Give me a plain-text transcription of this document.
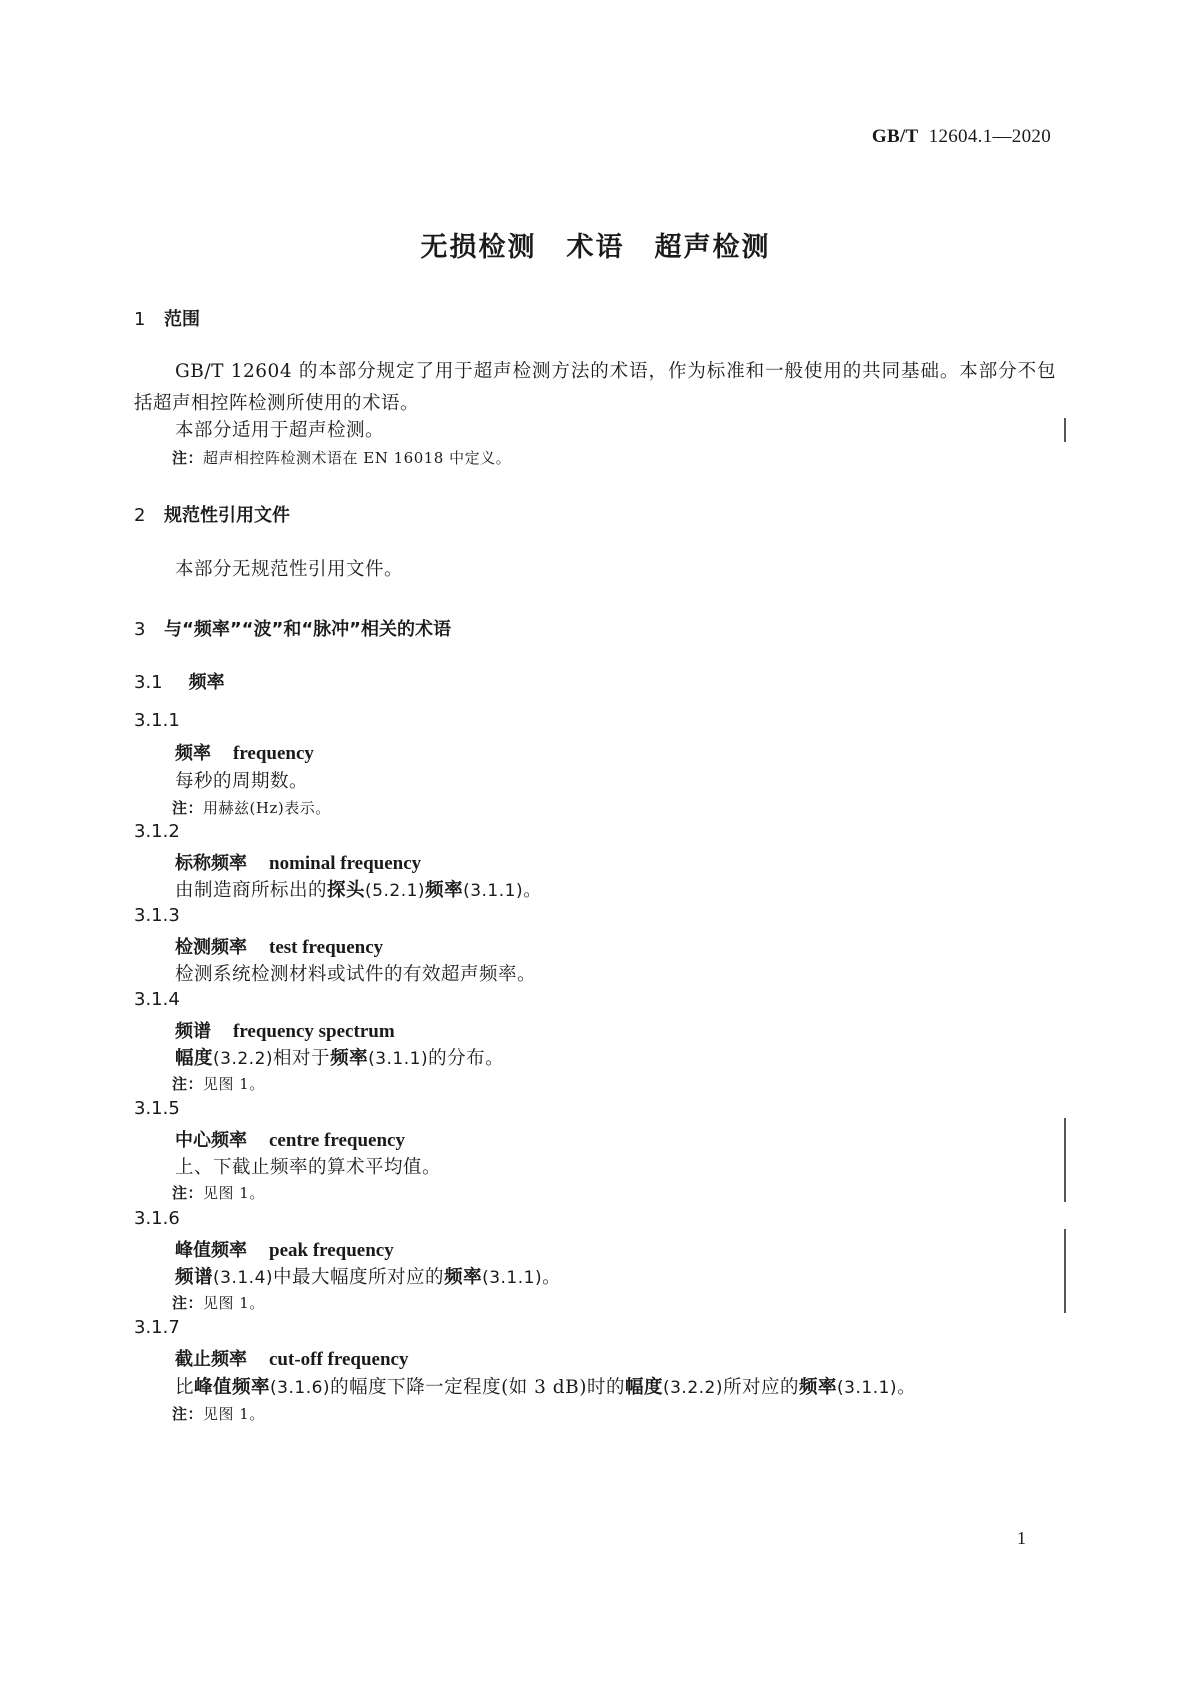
GB/T 12604.1—2020
无损检测 术语 超声检测
1 范围
GB/T 12604 的本部分规定了用于超声检测方法的术语，作为标准和一般使用的共同基础。本部分不包括超声相控阵检测所使用的术语。
本部分适用于超声检测。
注：超声相控阵检测术语在 EN 16018 中定义。
2 规范性引用文件
本部分无规范性引用文件。
3 与“频率”“波”和“脉冲”相关的术语
3.1 频率
3.1.1
频率 frequency
每秒的周期数。
注：用赫兹(Hz)表示。
3.1.2
标称频率 nominal frequency
由制造商所标出的探头(5.2.1)频率(3.1.1)。
3.1.3
检测频率 test frequency
检测系统检测材料或试件的有效超声频率。
3.1.4
频谱 frequency spectrum
幅度(3.2.2)相对于频率(3.1.1)的分布。
注：见图 1。
3.1.5
中心频率 centre frequency
上、下截止频率的算术平均值。
注：见图 1。
3.1.6
峰值频率 peak frequency
频谱(3.1.4)中最大幅度所对应的频率(3.1.1)。
注：见图 1。
3.1.7
截止频率 cut-off frequency
比峰值频率(3.1.6)的幅度下降一定程度(如 3 dB)时的幅度(3.2.2)所对应的频率(3.1.1)。
注：见图 1。
1
